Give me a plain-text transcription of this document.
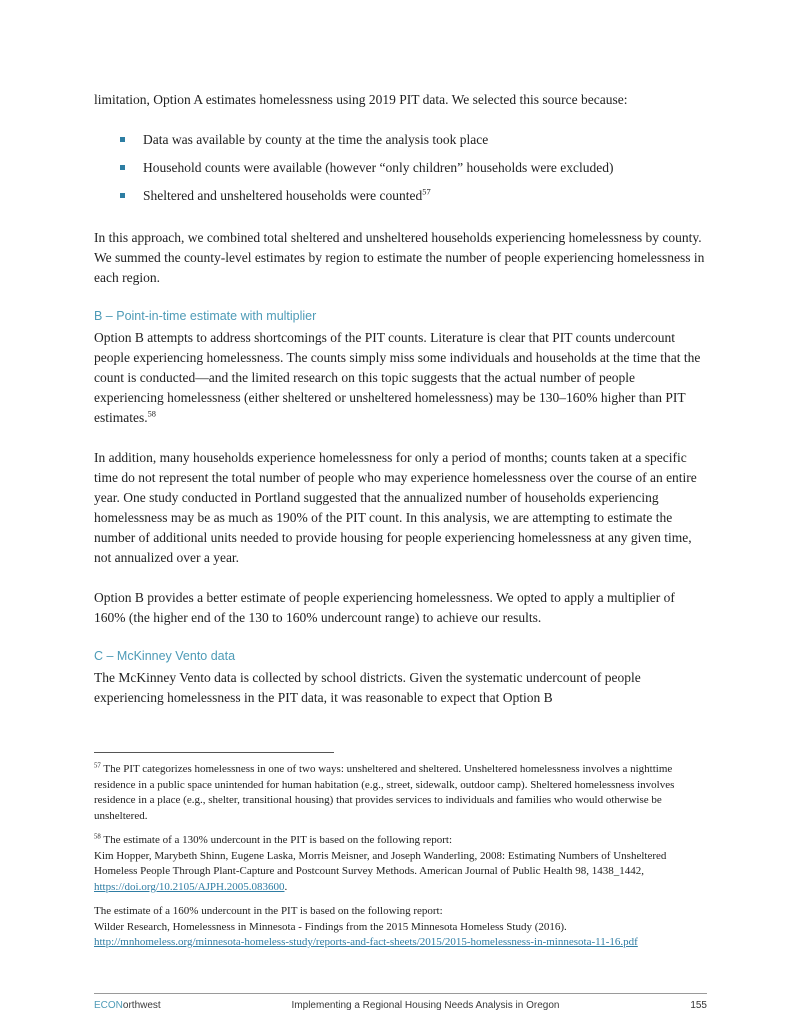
limitation, Option A estimates homelessness using 2019 PIT data. We selected this source because:

Data was available by county at the time the analysis took place
Household counts were available (however “only children” households were excluded)
Sheltered and unsheltered households were counted$^{57}$

In this approach, we combined total sheltered and unsheltered households experiencing homelessness by county. We summed the county-level estimates by region to estimate the number of people experiencing homelessness in each region.

B – Point-in-time estimate with multiplier

Option B attempts to address shortcomings of the PIT counts. Literature is clear that PIT counts undercount people experiencing homelessness. The counts simply miss some individuals and households at the time that the count is conducted—and the limited research on this topic suggests that the actual number of people experiencing homelessness (either sheltered or unsheltered homelessness) may be 130–160% higher than PIT estimates.$^{58}$

In addition, many households experience homelessness for only a period of months; counts taken at a specific time do not represent the total number of people who may experience homelessness over the course of an entire year. One study conducted in Portland suggested that the annualized number of households experiencing homelessness may be as much as 190% of the PIT count. In this analysis, we are attempting to estimate the number of additional units needed to provide housing for people experiencing homelessness at any given time, not annualized over a year.

Option B provides a better estimate of people experiencing homelessness. We opted to apply a multiplier of 160% (the higher end of the 130 to 160% undercount range) to achieve our results.

C – McKinney Vento data

The McKinney Vento data is collected by school districts. Given the systematic undercount of people experiencing homelessness in the PIT data, it was reasonable to expect that Option B

$^{57}$ The PIT categorizes homelessness in one of two ways: unsheltered and sheltered. Unsheltered homelessness involves a nighttime residence in a public space unintended for human habitation (e.g., street, sidewalk, outdoor camp). Sheltered homelessness involves residence in a place (e.g., shelter, transitional housing) that provides services to individuals and families who would otherwise be unsheltered.

$^{58}$ The estimate of a 130% undercount in the PIT is based on the following report:
Kim Hopper, Marybeth Shinn, Eugene Laska, Morris Meisner, and Joseph Wanderling, 2008: Estimating Numbers of Unsheltered Homeless People Through Plant-Capture and Postcount Survey Methods. American Journal of Public Health 98, 1438_1442, https://doi.org/10.2105/AJPH.2005.083600.

The estimate of a 160% undercount in the PIT is based on the following report:
Wilder Research, Homelessness in Minnesota - Findings from the 2015 Minnesota Homeless Study (2016).
http://mnhomeless.org/minnesota-homeless-study/reports-and-fact-sheets/2015/2015-homelessness-in-minnesota-11-16.pdf

ECONorthwest	Implementing a Regional Housing Needs Analysis in Oregon	155
